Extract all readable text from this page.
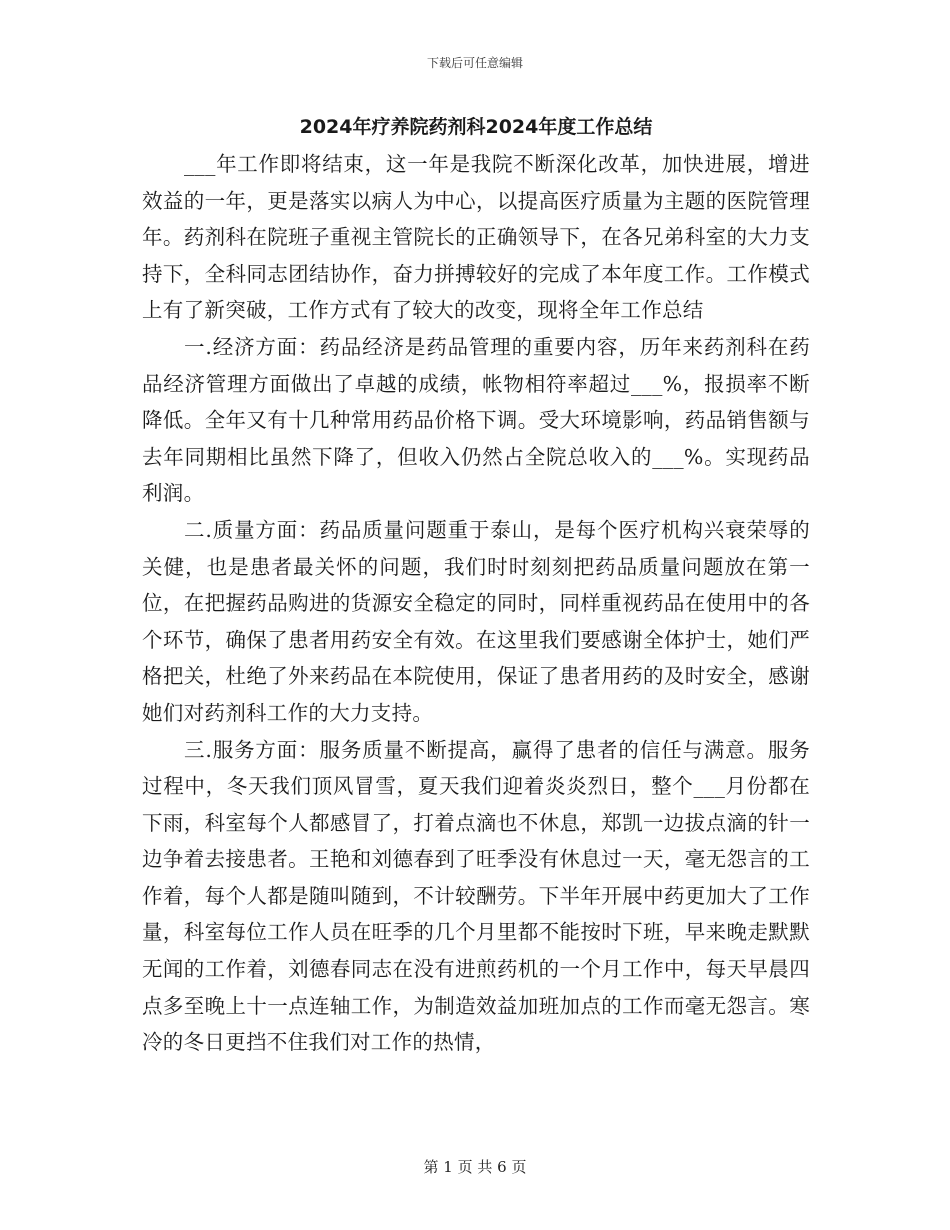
下载后可任意编辑
2024年疗养院药剂科2024年度工作总结

___年工作即将结束，这一年是我院不断深化改革，加快进展，增进效益的一年，更是落实以病人为中心，以提高医疗质量为主题的医院管理年。药剂科在院班子重视主管院长的正确领导下，在各兄弟科室的大力支持下，全科同志团结协作，奋力拼搏较好的完成了本年度工作。工作模式上有了新突破，工作方式有了较大的改变，现将全年工作总结

一.经济方面：药品经济是药品管理的重要内容，历年来药剂科在药品经济管理方面做出了卓越的成绩，帐物相符率超过___%，报损率不断降低。全年又有十几种常用药品价格下调。受大环境影响，药品销售额与去年同期相比虽然下降了，但收入仍然占全院总收入的___%。实现药品利润。

二.质量方面：药品质量问题重于泰山，是每个医疗机构兴衰荣辱的关健，也是患者最关怀的问题，我们时时刻刻把药品质量问题放在第一位，在把握药品购进的货源安全稳定的同时，同样重视药品在使用中的各个环节，确保了患者用药安全有效。在这里我们要感谢全体护士，她们严格把关，杜绝了外来药品在本院使用，保证了患者用药的及时安全，感谢她们对药剂科工作的大力支持。

三.服务方面：服务质量不断提高，赢得了患者的信任与满意。服务过程中，冬天我们顶风冒雪，夏天我们迎着炎炎烈日，整个___月份都在下雨，科室每个人都感冒了，打着点滴也不休息，郑凯一边拔点滴的针一边争着去接患者。王艳和刘德春到了旺季没有休息过一天，毫无怨言的工作着，每个人都是随叫随到，不计较酬劳。下半年开展中药更加大了工作量，科室每位工作人员在旺季的几个月里都不能按时下班，早来晚走默默无闻的工作着，刘德春同志在没有进煎药机的一个月工作中，每天早晨四点多至晚上十一点连轴工作，为制造效益加班加点的工作而毫无怨言。寒冷的冬日更挡不住我们对工作的热情，

第 1 页 共 6 页
